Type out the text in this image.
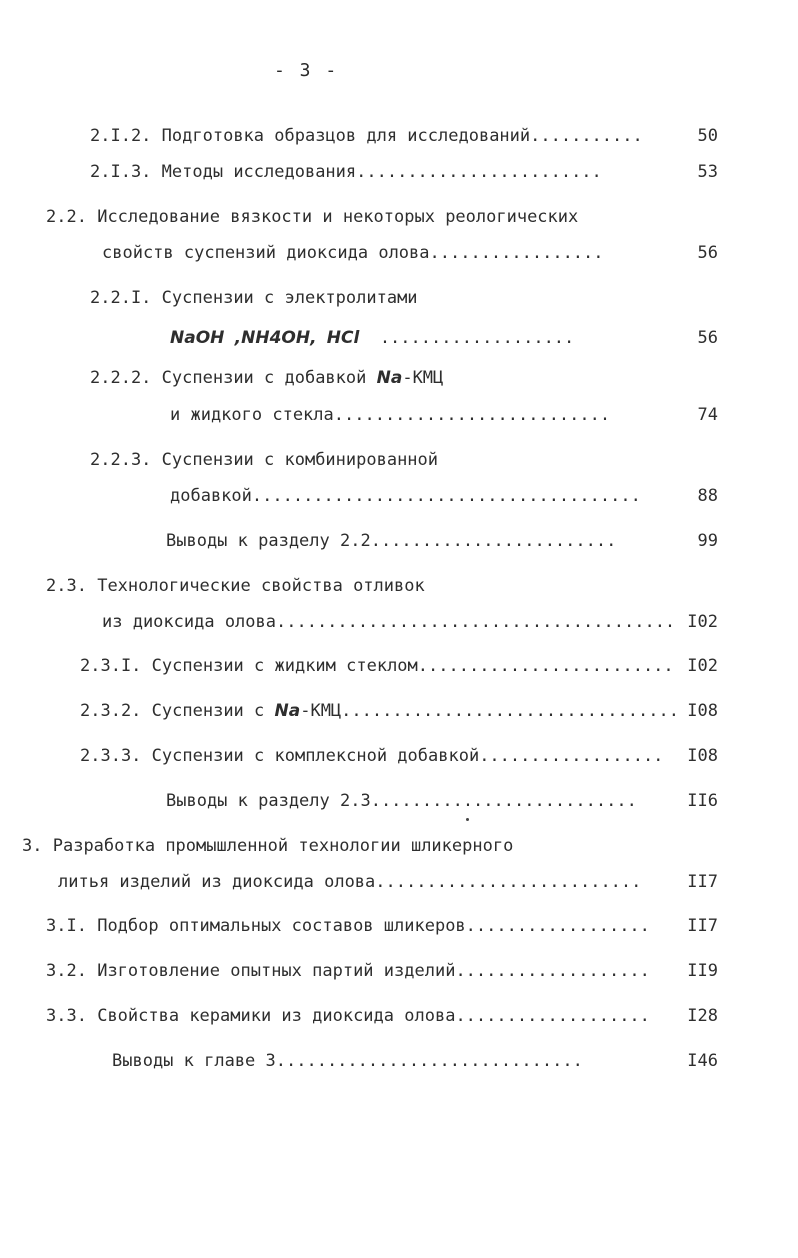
- 3 -
2.I.2. Подготовка образцов для исследований...........	50
2.I.3. Методы исследования........................	53
2.2. Исследование вязкости и некоторых реологических
свойств суспензий диоксида олова.................	56
2.2.I. Суспензии с электролитами
NaOH ,NH4OH, HCl ...................	56
2.2.2. Суспензии с добавкой Na-КМЦ
и жидкого стекла...........................	74
2.2.3. Суспензии с комбинированной
добавкой......................................	88
Выводы к разделу 2.2........................	99
2.3. Технологические свойства отливок
из диоксида олова....................................... I02
2.3.I. Суспензии с жидким стеклом......................... I02
2.3.2. Суспензии с Na-КМЦ................................. I08
2.3.3. Суспензии с комплексной добавкой..................	I08
Выводы к разделу 2.3..........................	II6
3. Разработка промышленной технологии шликерного
литья изделий из диоксида олова..........................	II7
3.I. Подбор оптимальных составов шликеров..................	II7
3.2. Изготовление опытных партий изделий...................	II9
3.3. Свойства керамики из диоксида олова...................	I28
Выводы к главе 3..............................	I46
